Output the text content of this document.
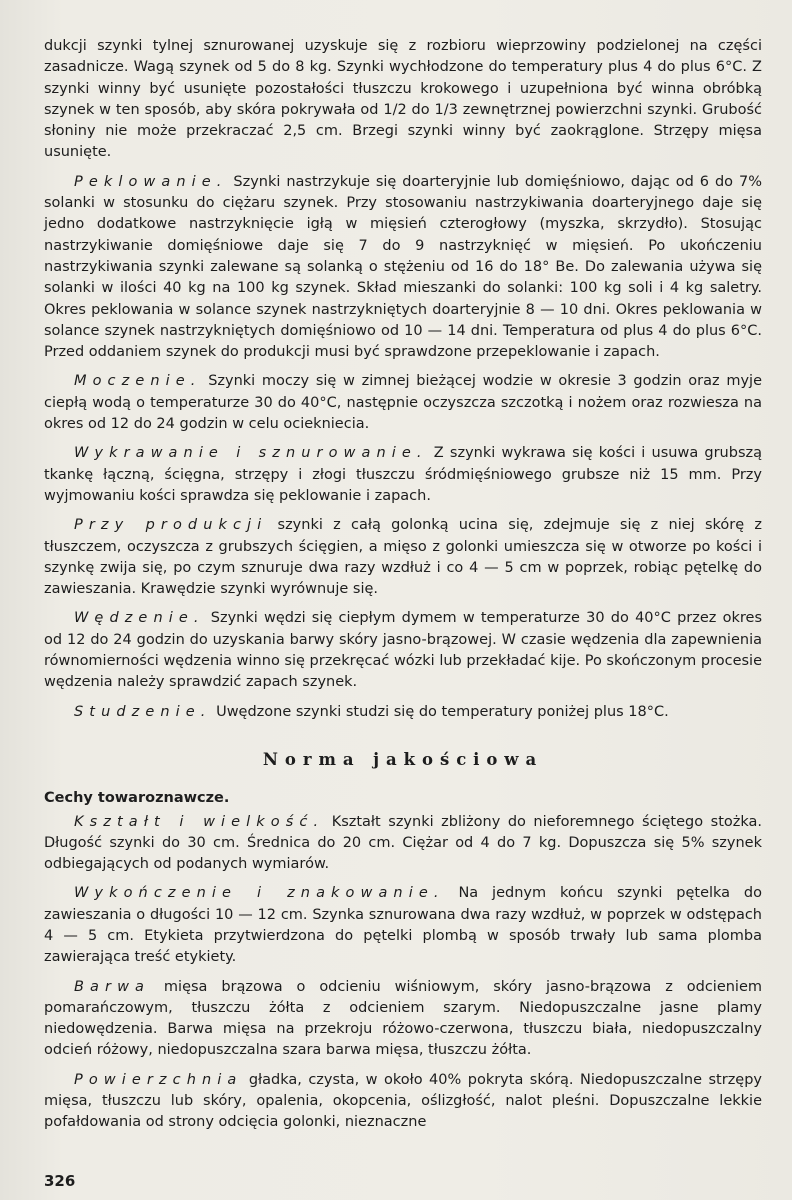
dukcji szynki tylnej sznurowanej uzyskuje się z rozbioru wieprzowiny podzielonej na części zasadnicze. Wagą szynek od 5 do 8 kg. Szynki wychłodzone do temperatury plus 4 do plus 6°C. Z szynki winny być usunięte pozostałości tłuszczu krokowego i uzupełniona być winna obróbką szynek w ten sposób, aby skóra pokrywała od 1/2 do 1/3 zewnętrznej powierzchni szynki. Grubość słoniny nie może przekraczać 2,5 cm. Brzegi szynki winny być zaokrąglone. Strzępy mięsa usunięte.

Peklowanie. Szynki nastrzykuje się doarteryjnie lub domięśniowo, dając od 6 do 7% solanki w stosunku do ciężaru szynek. Przy stosowaniu nastrzykiwania doarteryjnego daje się jedno dodatkowe nastrzyknięcie igłą w mięsień czterogłowy (myszka, skrzydło). Stosując nastrzykiwanie domięśniowe daje się 7 do 9 nastrzyknięć w mięsień. Po ukończeniu nastrzykiwania szynki zalewane są solanką o stężeniu od 16 do 18° Be. Do zalewania używa się solanki w ilości 40 kg na 100 kg szynek. Skład mieszanki do solanki: 100 kg soli i 4 kg saletry. Okres peklowania w solance szynek nastrzykniętych doarteryjnie 8 — 10 dni. Okres peklowania w solance szynek nastrzykniętych domięśniowo od 10 — 14 dni. Temperatura od plus 4 do plus 6°C. Przed oddaniem szynek do produkcji musi być sprawdzone przepeklowanie i zapach.

Moczenie. Szynki moczy się w zimnej bieżącej wodzie w okresie 3 godzin oraz myje ciepłą wodą o temperaturze 30 do 40°C, następnie oczyszcza szczotką i nożem oraz rozwiesza na okres od 12 do 24 godzin w celu ociekniecia.

Wykrawanie i sznurowanie. Z szynki wykrawa się kości i usuwa grubszą tkankę łączną, ścięgna, strzępy i złogi tłuszczu śródmięśniowego grubsze niż 15 mm. Przy wyjmowaniu kości sprawdza się peklowanie i zapach.

Przy produkcji szynki z całą golonką ucina się, zdejmuje się z niej skórę z tłuszczem, oczyszcza z grubszych ścięgien, a mięso z golonki umieszcza się w otworze po kości i szynkę zwija się, po czym sznuruje dwa razy wzdłuż i co 4 — 5 cm w poprzek, robiąc pętelkę do zawieszania. Krawędzie szynki wyrównuje się.

Wędzenie. Szynki wędzi się ciepłym dymem w temperaturze 30 do 40°C przez okres od 12 do 24 godzin do uzyskania barwy skóry jasno-brązowej. W czasie wędzenia dla zapewnienia równomierności wędzenia winno się przekręcać wózki lub przekładać kije. Po skończonym procesie wędzenia należy sprawdzić zapach szynek.

Studzenie. Uwędzone szynki studzi się do temperatury poniżej plus 18°C.

Norma jakościowa
Cechy towaroznawcze.

Kształt i wielkość. Kształt szynki zbliżony do nieforemnego ściętego stożka. Długość szynki do 30 cm. Średnica do 20 cm. Ciężar od 4 do 7 kg. Dopuszcza się 5% szynek odbiegających od podanych wymiarów.

Wykończenie i znakowanie. Na jednym końcu szynki pętelka do zawieszania o długości 10 — 12 cm. Szynka sznurowana dwa razy wzdłuż, w poprzek w odstępach 4 — 5 cm. Etykieta przytwierdzona do pętelki plombą w sposób trwały lub sama plomba zawierająca treść etykiety.

Barwa mięsa brązowa o odcieniu wiśniowym, skóry jasno-brązowa z odcieniem pomarańczowym, tłuszczu żółta z odcieniem szarym. Niedopuszczalne jasne plamy niedowędzenia. Barwa mięsa na przekroju różowo-czerwona, tłuszczu biała, niedopuszczalny odcień różowy, niedopuszczalna szara barwa mięsa, tłuszczu żółta.

Powierzchnia gładka, czysta, w około 40% pokryta skórą. Niedopuszczalne strzępy mięsa, tłuszczu lub skóry, opalenia, okopcenia, oślizgłość, nalot pleśni. Dopuszczalne lekkie pofałdowania od strony odcięcia golonki, nieznaczne

326
